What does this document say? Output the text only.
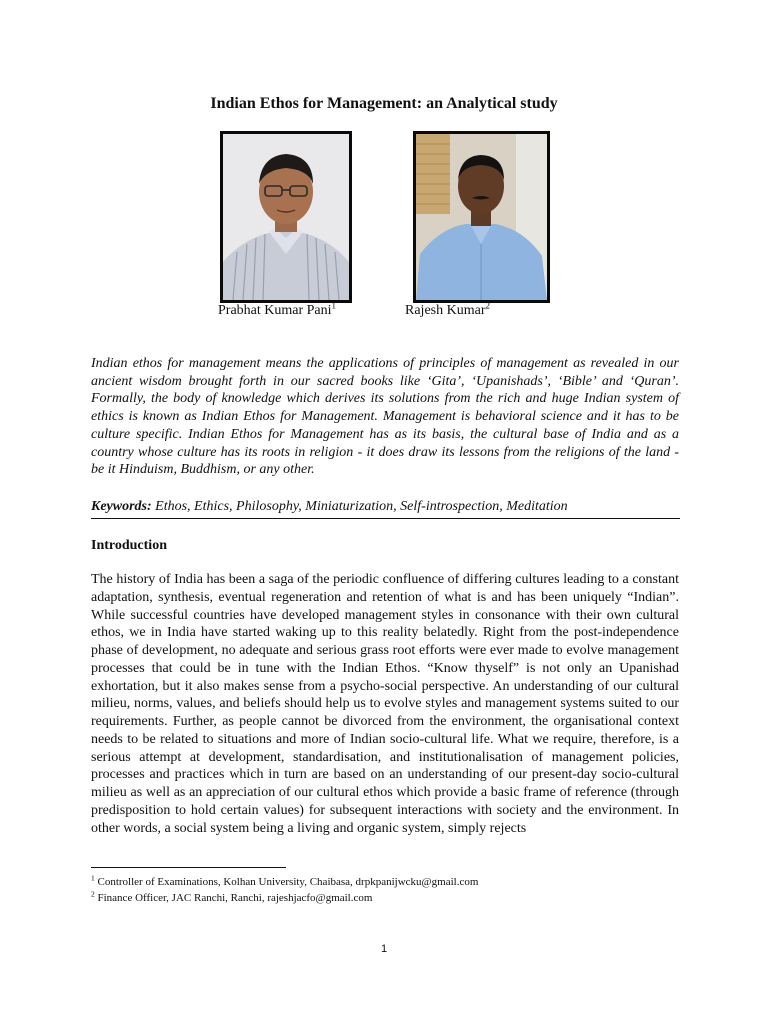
Indian Ethos for Management: an Analytical study
Prabhat Kumar Pani$^1$	Rajesh Kumar$^2$

Indian ethos for management means the applications of principles of management as revealed in our ancient wisdom brought forth in our sacred books like ‘Gita’, ‘Upanishads’, ‘Bible’ and ‘Quran’. Formally, the body of knowledge which derives its solutions from the rich and huge Indian system of ethics is known as Indian Ethos for Management. Management is behavioral science and it has to be culture specific. Indian Ethos for Management has as its basis, the cultural base of India and as a country whose culture has its roots in religion - it does draw its lessons from the religions of the land - be it Hinduism, Buddhism, or any other.

Keywords: Ethos, Ethics, Philosophy, Miniaturization, Self-introspection, Meditation
Introduction

The history of India has been a saga of the periodic confluence of differing cultures leading to a constant adaptation, synthesis, eventual regeneration and retention of what is and has been uniquely “Indian”. While successful countries have developed management styles in consonance with their own cultural ethos, we in India have started waking up to this reality belatedly. Right from the post-independence phase of development, no adequate and serious grass root efforts were ever made to evolve management processes that could be in tune with the Indian Ethos. “Know thyself” is not only an Upanishad exhortation, but it also makes sense from a psycho-social perspective. An understanding of our cultural milieu, norms, values, and beliefs should help us to evolve styles and management systems suited to our requirements. Further, as people cannot be divorced from the environment, the organisational context needs to be related to situations and more of Indian socio-cultural life. What we require, therefore, is a serious attempt at development, standardisation, and institutionalisation of management policies, processes and practices which in turn are based on an understanding of our present-day socio-cultural milieu as well as an appreciation of our cultural ethos which provide a basic frame of reference (through predisposition to hold certain values) for subsequent interactions with society and the environment. In other words, a social system being a living and organic system, simply rejects

$^1$ Controller of Examinations, Kolhan University, Chaibasa, drpkpanijwcku@gmail.com
$^2$ Finance Officer, JAC Ranchi, Ranchi, rajeshjacfo@gmail.com
1
